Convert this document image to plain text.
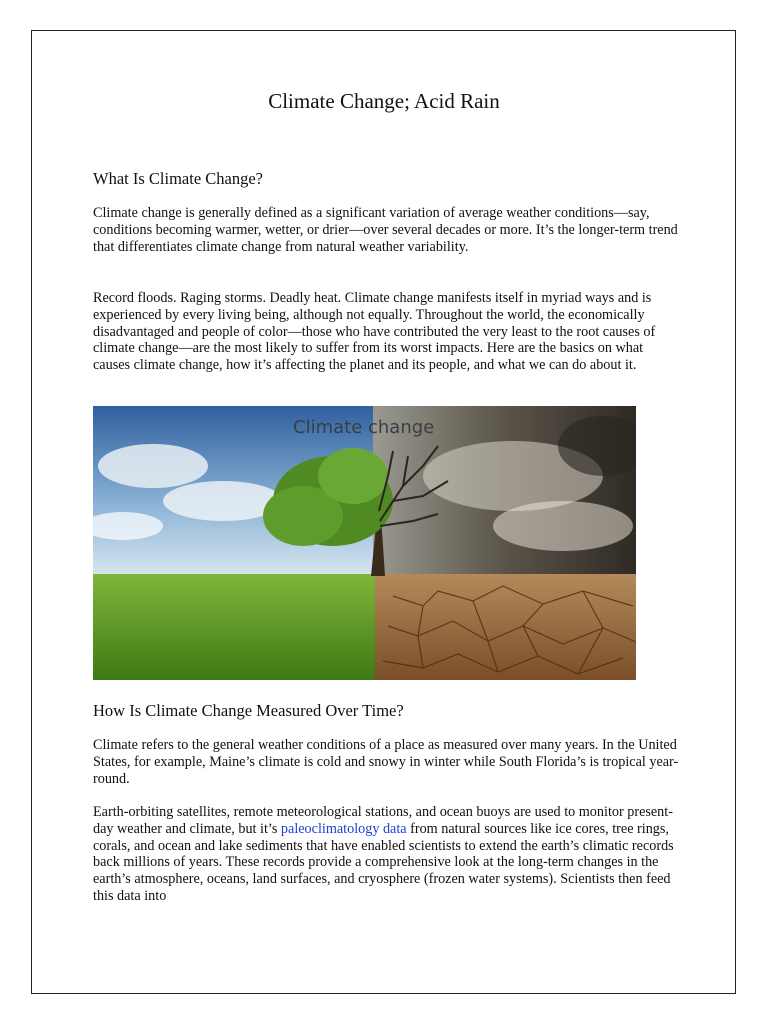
Climate Change; Acid Rain
What Is Climate Change?

Climate change is generally defined as a significant variation of average weather conditions—say, conditions becoming warmer, wetter, or drier—over several decades or more. It’s the longer-term trend that differentiates climate change from natural weather variability.

Record floods. Raging storms. Deadly heat. Climate change manifests itself in myriad ways and is experienced by every living being, although not equally. Throughout the world, the economically disadvantaged and people of color—those who have contributed the very least to the root causes of climate change—are the most likely to suffer from its worst impacts. Here are the basics on what causes climate change, how it’s affecting the planet and its people, and what we can do about it.

Climate change
How Is Climate Change Measured Over Time?

Climate refers to the general weather conditions of a place as measured over many years. In the United States, for example, Maine’s climate is cold and snowy in winter while South Florida’s is tropical year-round.

Earth-orbiting satellites, remote meteorological stations, and ocean buoys are used to monitor present-day weather and climate, but it’s paleoclimatology data from natural sources like ice cores, tree rings, corals, and ocean and lake sediments that have enabled scientists to extend the earth’s climatic records back millions of years. These records provide a comprehensive look at the long-term changes in the earth’s atmosphere, oceans, land surfaces, and cryosphere (frozen water systems). Scientists then feed this data into
